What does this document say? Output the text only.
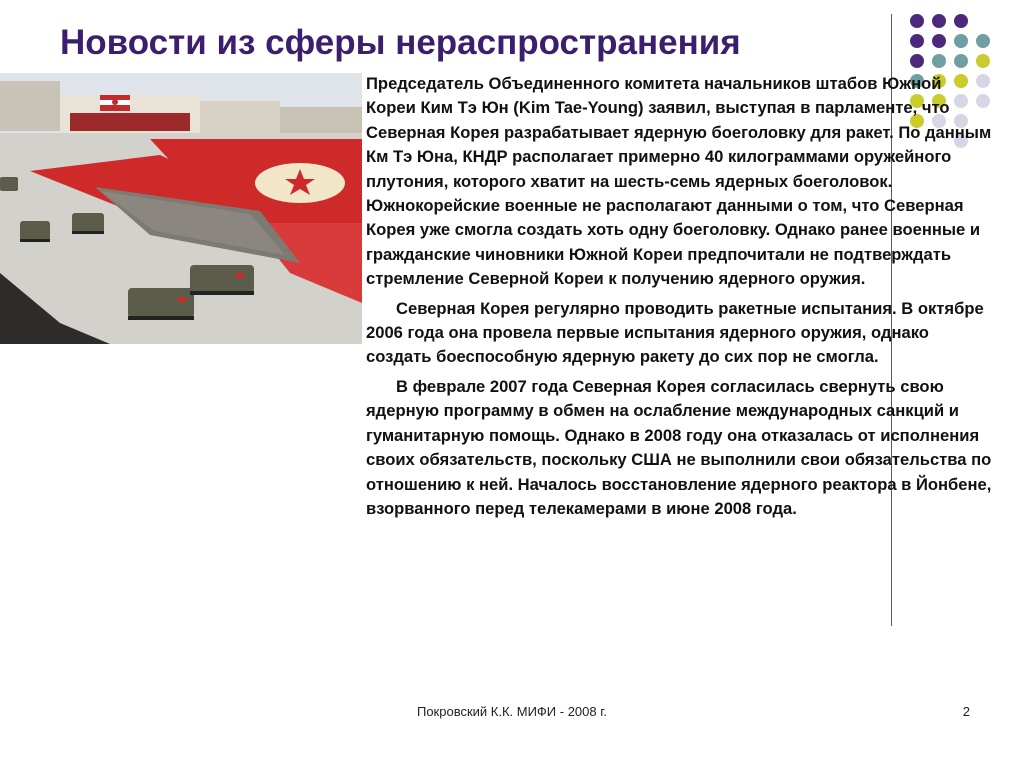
Новости из сферы нераспространения

Председатель Объединенного комитета начальников штабов Южной Кореи Ким Тэ Юн (Kim Tae-Young) заявил, выступая в парламенте, что Северная Корея разрабатывает ядерную боеголовку для ракет. По данным Км Тэ Юна, КНДР располагает примерно 40 килограммами оружейного плутония, которого хватит на шесть-семь ядерных боеголовок. Южнокорейские военные не располагают данными о том, что Северная Корея уже смогла создать хоть одну боеголовку. Однако ранее военные и гражданские чиновники Южной Кореи предпочитали не подтверждать стремление Северной Кореи к получению ядерного оружия.

Северная Корея регулярно проводить ракетные испытания. В октябре 2006 года она провела первые испытания ядерного оружия, однако создать боеспособную ядерную ракету до сих пор не смогла.

В феврале 2007 года Северная Корея согласилась свернуть свою ядерную программу в обмен на ослабление международных санкций и гуманитарную помощь. Однако в 2008 году она отказалась от исполнения своих обязательств, поскольку США не выполнили свои обязательства по отношению к ней. Началось восстановление ядерного реактора в Йонбене, взорванного перед телекамерами в июне 2008 года.

Покровский К.К. МИФИ - 2008 г.	2
